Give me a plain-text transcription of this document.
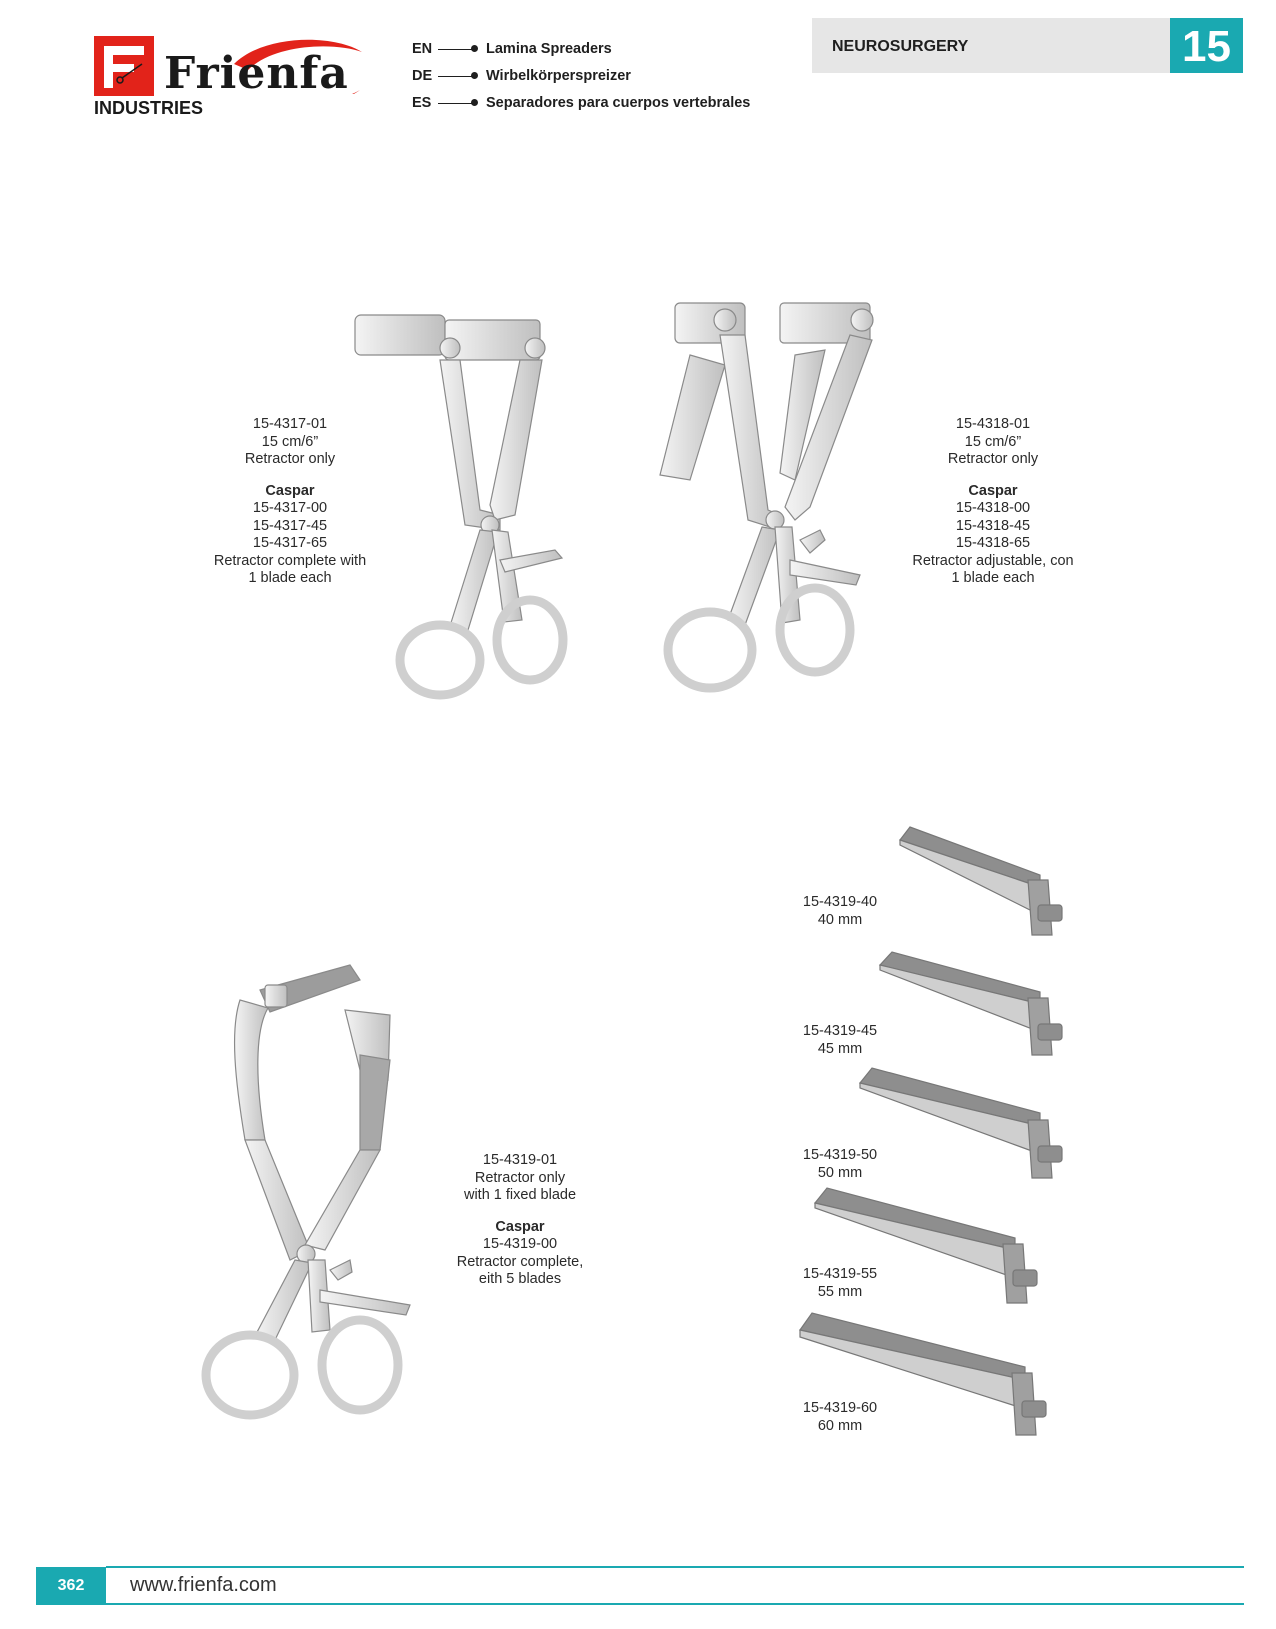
Frienfa
INDUSTRIES
EN	Lamina Spreaders
DE	Wirbelkörperspreizer
ES	Separadores para cuerpos vertebrales
NEUROSURGERY	15
15-4317-01
15 cm/6”
Retractor only
Caspar
15-4317-00
15-4317-45
15-4317-65
Retractor complete with
1 blade each
15-4318-01
15 cm/6”
Retractor only
Caspar
15-4318-00
15-4318-45
15-4318-65
Retractor adjustable, con
1 blade each
15-4319-01
Retractor only
with 1 fixed blade
Caspar
15-4319-00
Retractor complete,
eith 5 blades
15-4319-40
40 mm
15-4319-45
45 mm
15-4319-50
50 mm
15-4319-55
55 mm
15-4319-60
60 mm
362	www.frienfa.com
